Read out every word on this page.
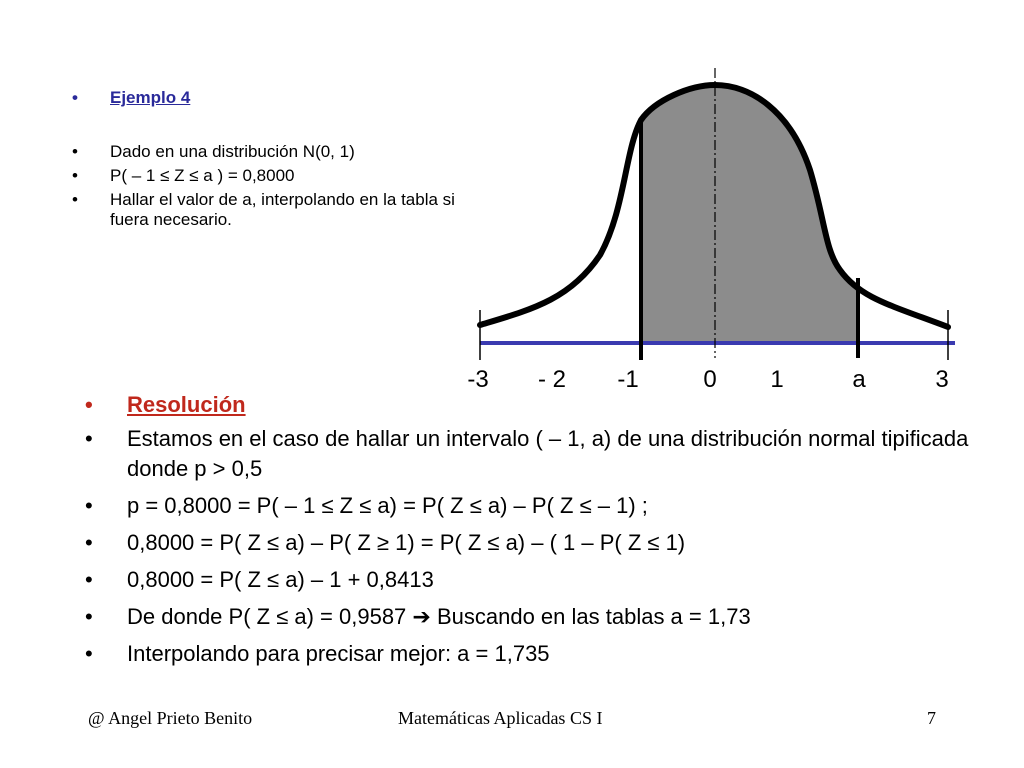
• Ejemplo 4
• Dado en una distribución N(0, 1)
• P( – 1 ≤ Z ≤ a ) = 0,8000
• Hallar el valor de a, interpolando en la tabla si fuera necesario.
-3 - 2 -1	0 1	a	3
• Resolución
• Estamos en el caso de hallar un intervalo ( – 1, a) de una distribución normal tipificada donde p > 0,5
• p = 0,8000 = P( – 1 ≤ Z ≤ a) = P( Z ≤ a) – P( Z ≤ – 1) ;
• 0,8000 = P( Z ≤ a) – P( Z ≥ 1) = P( Z ≤ a) – ( 1 – P( Z ≤ 1)
• 0,8000 = P( Z ≤ a) – 1 + 0,8413
• De donde P( Z ≤ a) = 0,9587 ➔ Buscando en las tablas a = 1,73
• Interpolando para precisar mejor: a = 1,735
@ Angel Prieto Benito	Matemáticas Aplicadas CS I	7
